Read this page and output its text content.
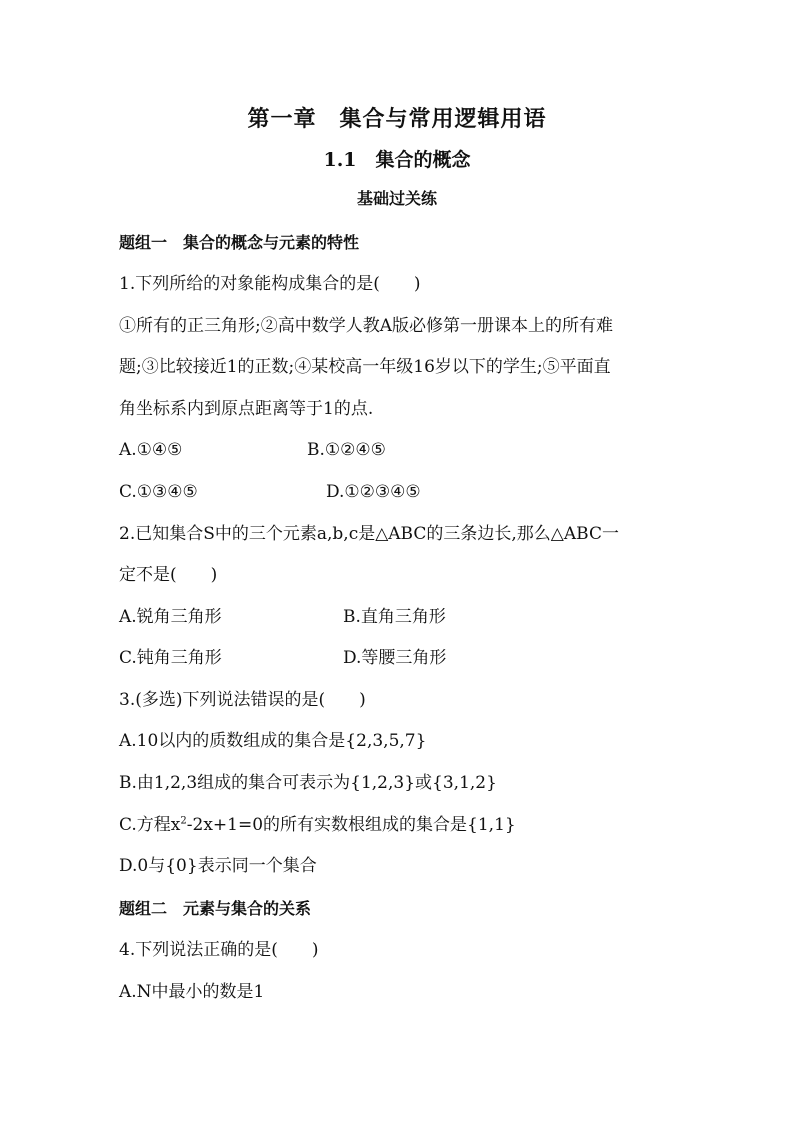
第一章　集合与常用逻辑用语
1.1　集合的概念
基础过关练
题组一　集合的概念与元素的特性
1.下列所给的对象能构成集合的是(　　)
①所有的正三角形;②高中数学人教A版必修第一册课本上的所有难
题;③比较接近1的正数;④某校高一年级16岁以下的学生;⑤平面直
角坐标系内到原点距离等于1的点.
A.①④⑤	B.①②④⑤
C.①③④⑤	D.①②③④⑤
2.已知集合S中的三个元素a,b,c是△ABC的三条边长,那么△ABC一
定不是(　　)
A.锐角三角形	B.直角三角形
C.钝角三角形	D.等腰三角形
3.(多选)下列说法错误的是(　　)
A.10以内的质数组成的集合是{2,3,5,7}
B.由1,2,3组成的集合可表示为{1,2,3}或{3,1,2}
C.方程$x^2-2x+1=0$的所有实数根组成的集合是{1,1}
D.0与{0}表示同一个集合
题组二　元素与集合的关系
4.下列说法正确的是(　　)
A.N中最小的数是1
